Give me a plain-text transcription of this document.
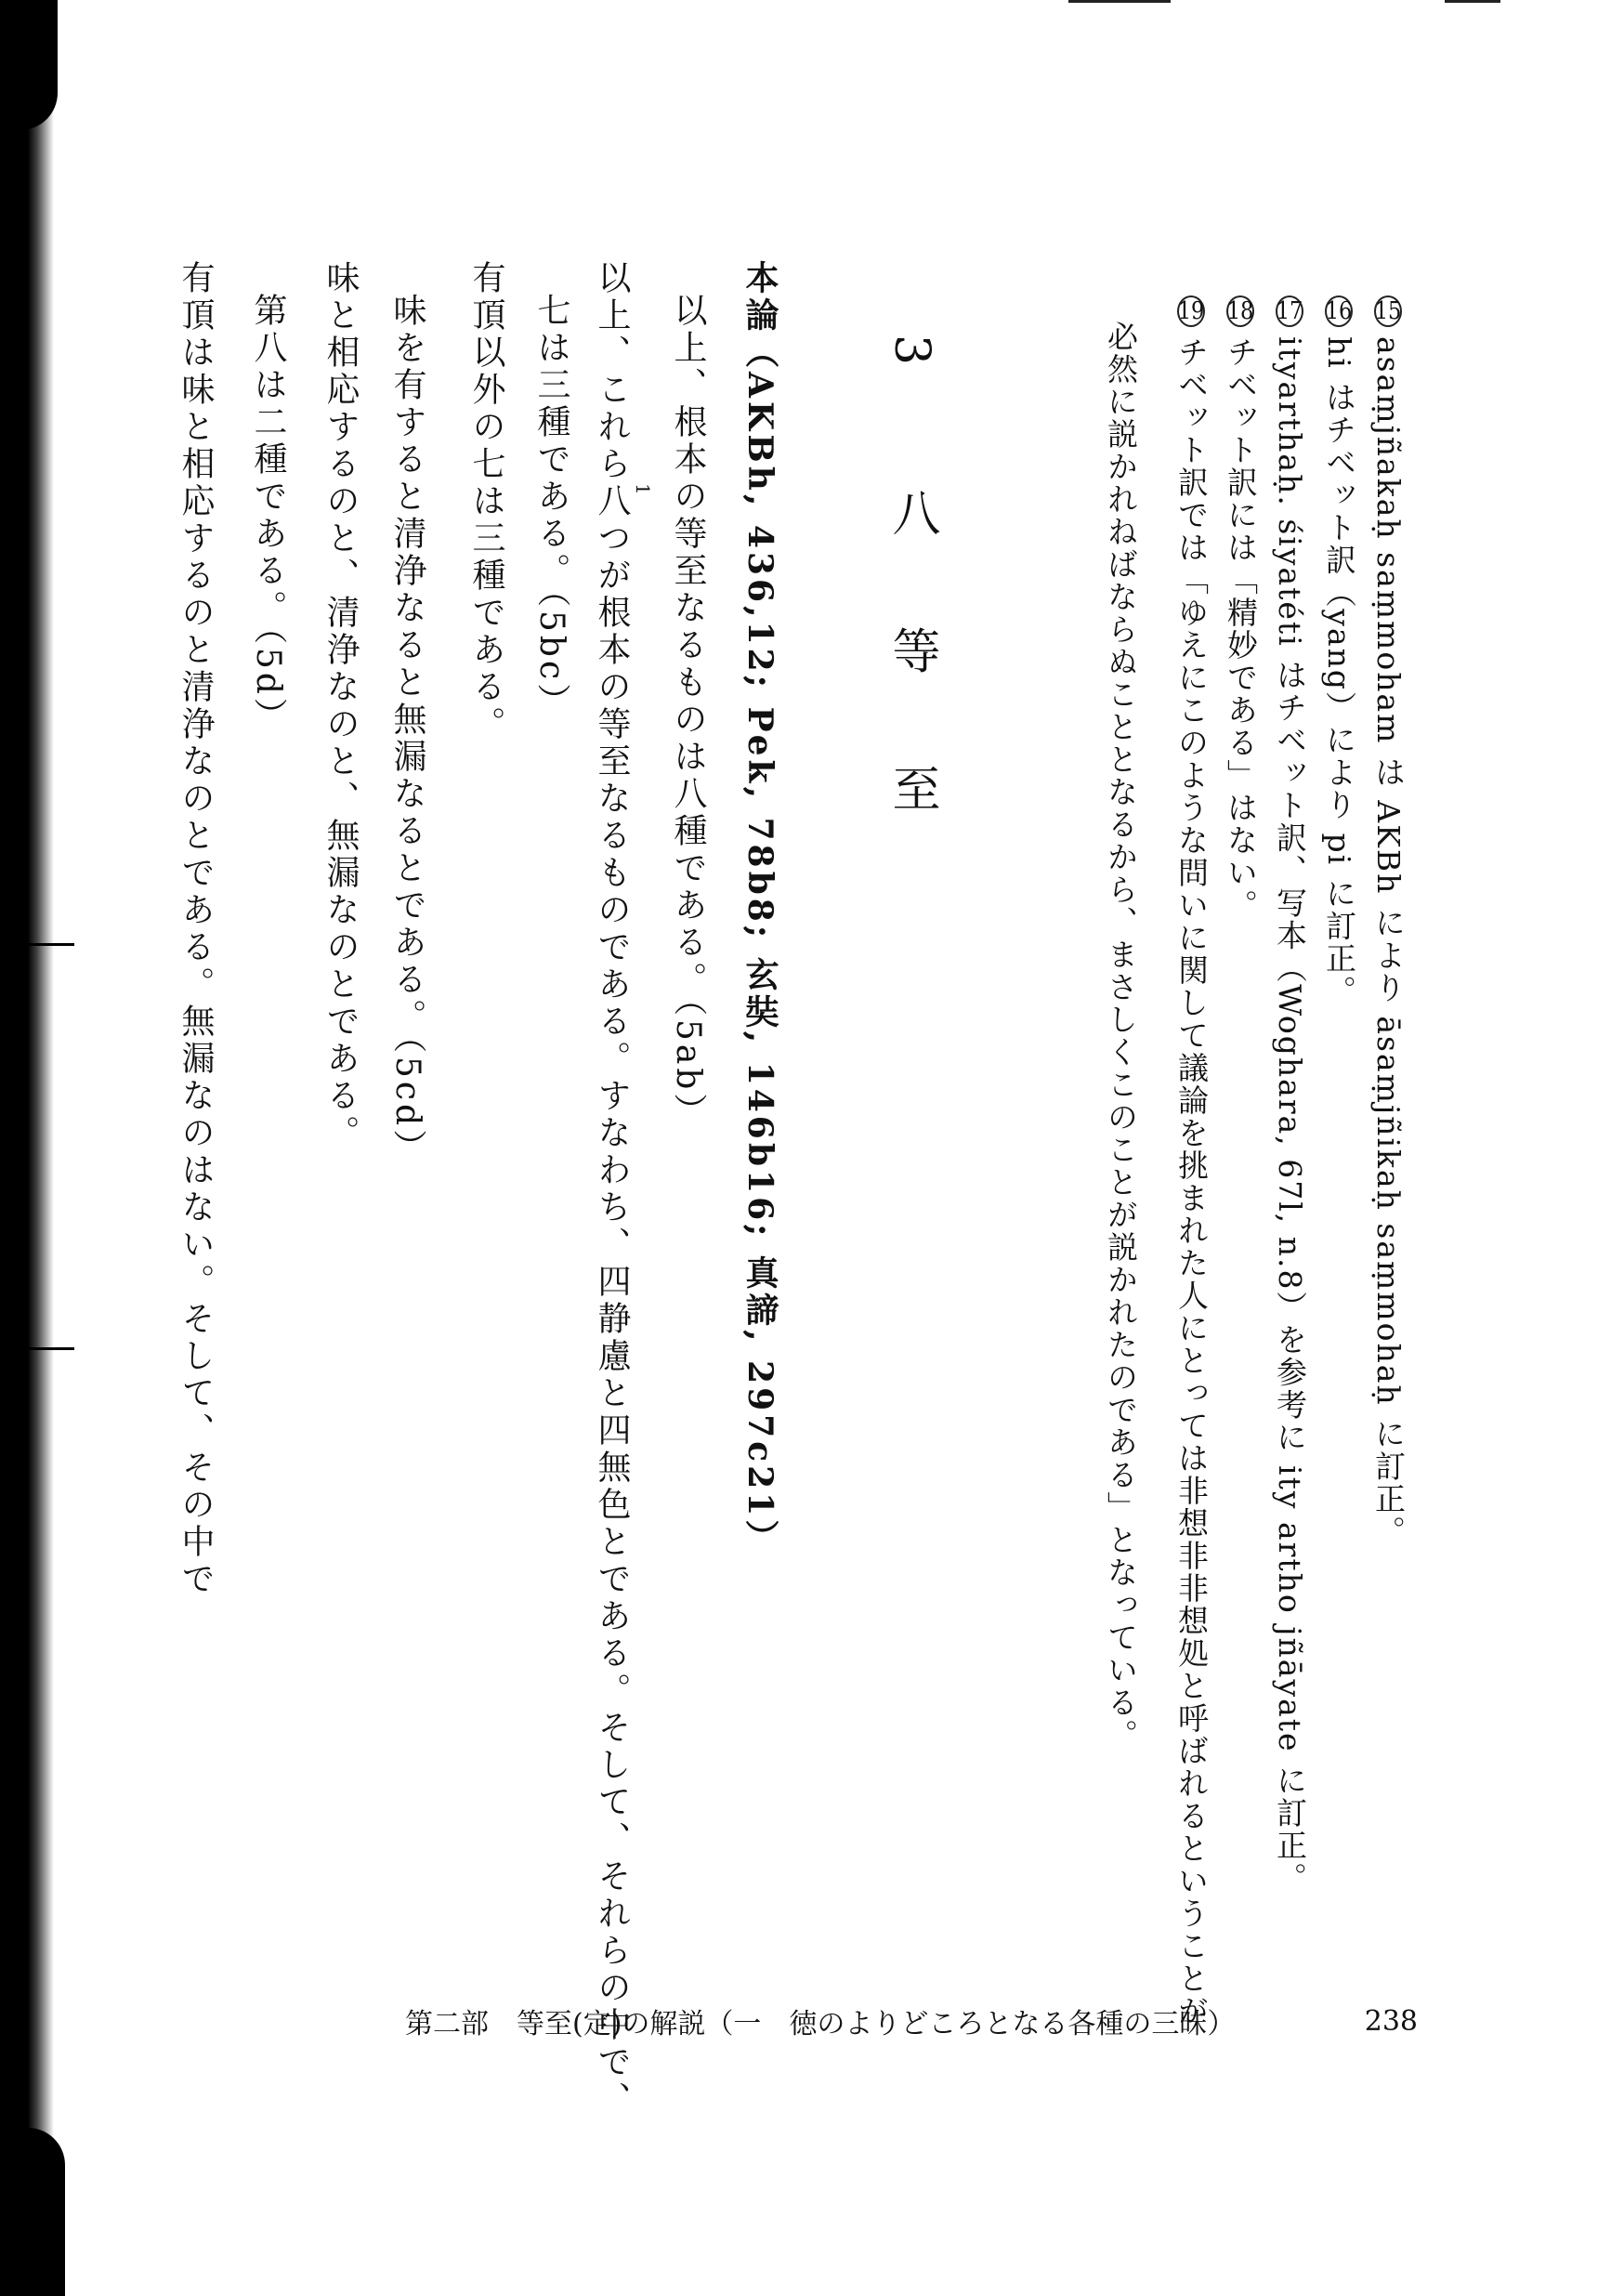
15asaṃjñakaḥ saṃmoham は AKBh により āsaṃjñikaḥ saṃmohaḥ に訂正。
16hi はチベット訳（yang）により pi に訂正。
17ityarthaḥ. śiyatéti はチベット訳、写本（Woghara, 67l, n.8）を参考に ity artho jñāyate に訂正。
18チベット訳には「精妙である」はない。
19チベット訳では「ゆえにこのような問いに関して議論を挑まれた人にとっては非想非非想処と呼ばれるということが
必然に説かれねばならぬこととなるから、まさしくこのことが説かれたのである」となっている。
3　八 等 至
本論（AKBh, 436,12; Pek, 78b8; 玄奘, 146b16; 真諦, 297c21）
以上、根本の等至なるものは八種である。（5ab）
以上、これら八つが根本の等至なるものである。すなわち、四静慮と四無色とである。そして、それらの中で、 1
七は三種である。（5bc）
有頂以外の七は三種である。
味を有すると清浄なると無漏なるとである。（5cd）
味と相応するのと、清浄なのと、無漏なのとである。
第八は二種である。（5d）
有頂は味と相応するのと清浄なのとである。無漏なのはない。そして、その中で
第二部　等至(定)の解説（一　徳のよりどころとなる各種の三昧）	238
